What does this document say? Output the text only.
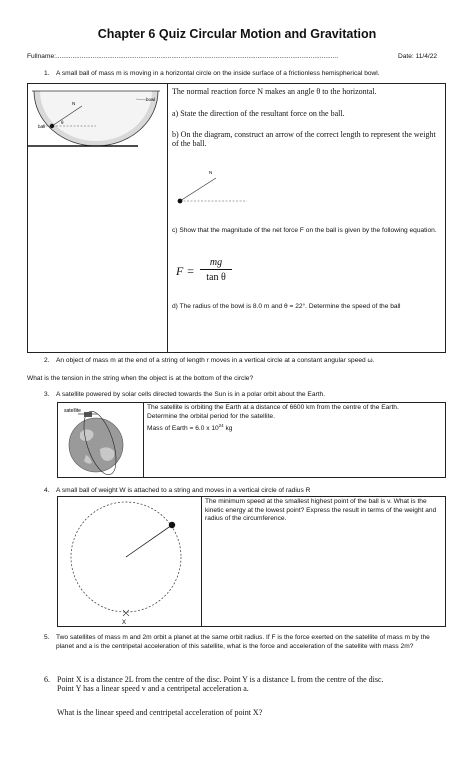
Chapter 6 Quiz Circular Motion and Gravitation
Fullname:..........................................................................................................................................................	Date: 11/4/22
1. A small ball of mass m is moving in a horizontal circle on the inside surface of a frictionless hemispherical bowl.
bowl
ball
N
θ
The normal reaction force N makes an angle θ to the horizontal.
a) State the direction of the resultant force on the ball.
b) On the diagram, construct an arrow of the correct length to represent the weight of the ball.
N
c) Show that the magnitude of the net force F on the ball is given by the following equation.
F =
mg
tan θ
d) The radius of the bowl is 8.0 m and θ = 22°. Determine the speed of the ball
2. An object of mass m at the end of a string of length r moves in a vertical circle at a constant angular speed ω.
What is the tension in the string when the object is at the bottom of the circle?
3. A satellite powered by solar cells directed towards the Sun is in a polar orbit about the Earth.
satellite	The satellite is orbiting the Earth at a distance of 6600 km from the centre of the Earth.
Determine the orbital period for the satellite.
Mass of Earth = 6.0 x $10^{24}$ kg
4. A small ball of weight W is attached to a string and moves in a vertical circle of radius R
X
The minimum speed at the smallest highest point of the ball is v. What is the kinetic energy at the lowest point? Express the result in terms of the weight and radius of the circumference.
5. Two satellites of mass m and 2m orbit a planet at the same orbit radius. If F is the force exerted on the satellite of mass m by the planet and a is the centripetal acceleration of this satellite, what is the force and acceleration of the satellite with mass 2m?
6. Point X is a distance 2L from the centre of the disc. Point Y is a distance L from the centre of the disc.
Point Y has a linear speed v and a centripetal acceleration a.
What is the linear speed and centripetal acceleration of point X?
